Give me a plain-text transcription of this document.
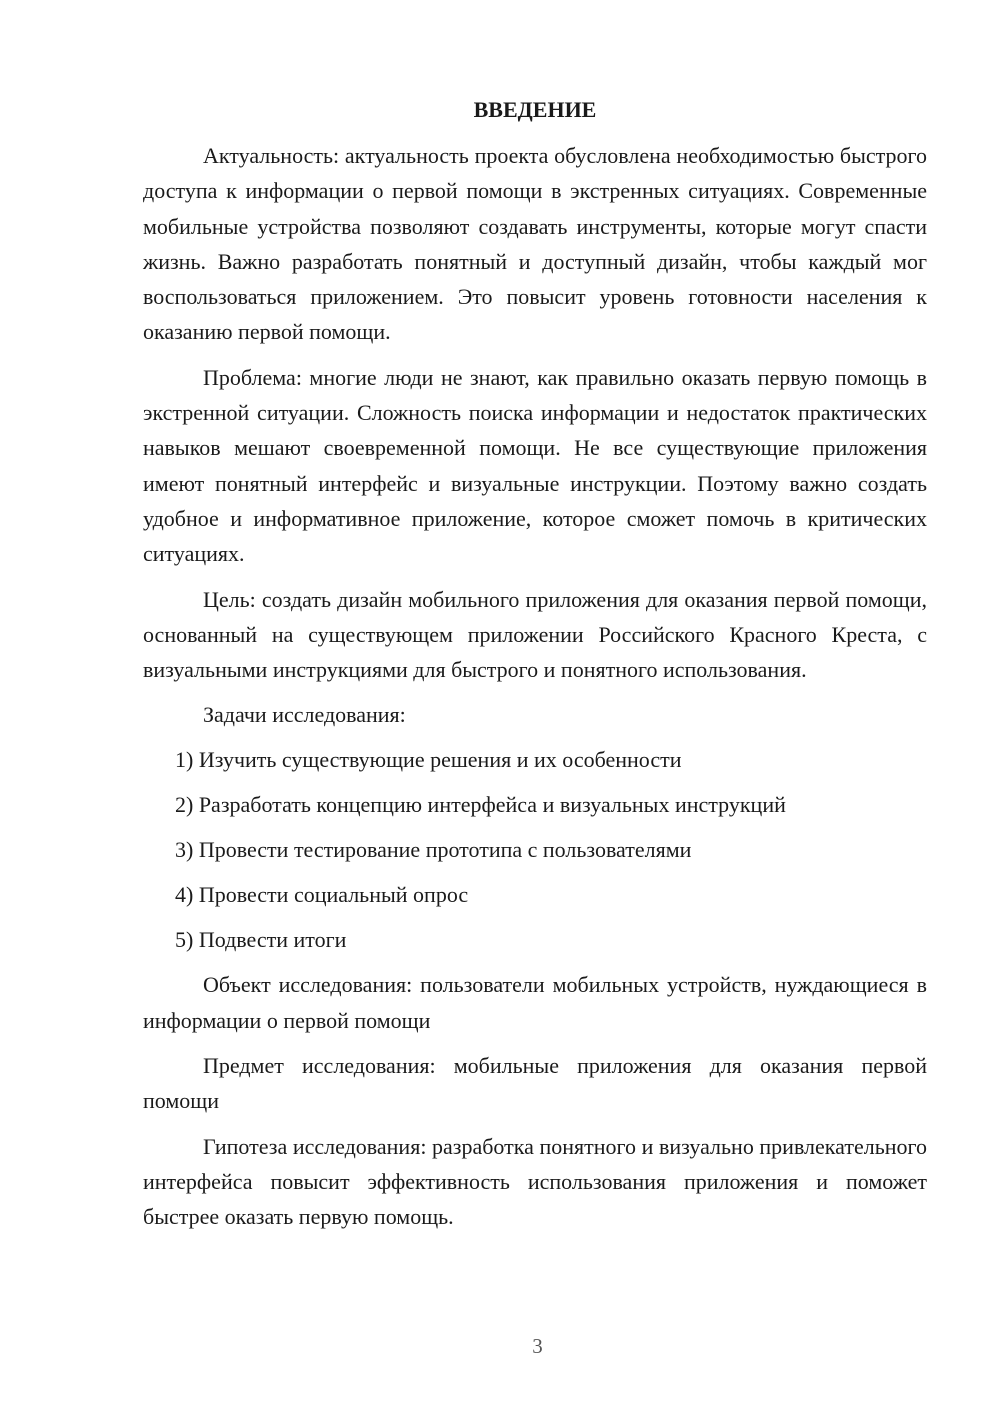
ВВЕДЕНИЕ

Актуальность: актуальность проекта обусловлена необходимостью быстрого доступа к информации о первой помощи в экстренных ситуациях. Современные мобильные устройства позволяют создавать инструменты, которые могут спасти жизнь. Важно разработать понятный и доступный дизайн, чтобы каждый мог воспользоваться приложением. Это повысит уровень готовности населения к оказанию первой помощи.

Проблема: многие люди не знают, как правильно оказать первую помощь в экстренной ситуации. Сложность поиска информации и недостаток практических навыков мешают своевременной помощи. Не все существующие приложения имеют понятный интерфейс и визуальные инструкции. Поэтому важно создать удобное и информативное приложение, которое сможет помочь в критических ситуациях.

Цель: создать дизайн мобильного приложения для оказания первой помощи, основанный на существующем приложении Российского Красного Креста, с визуальными инструкциями для быстрого и понятного использования.

Задачи исследования:
1) Изучить существующие решения и их особенности
2) Разработать концепцию интерфейса и визуальных инструкций
3) Провести тестирование прототипа с пользователями
4) Провести социальный опрос
5) Подвести итоги

Объект исследования: пользователи мобильных устройств, нуждающиеся в информации о первой помощи

Предмет исследования: мобильные приложения для оказания первой помощи

Гипотеза исследования: разработка понятного и визуально привлекательного интерфейса повысит эффективность использования приложения и поможет быстрее оказать первую помощь.

3
